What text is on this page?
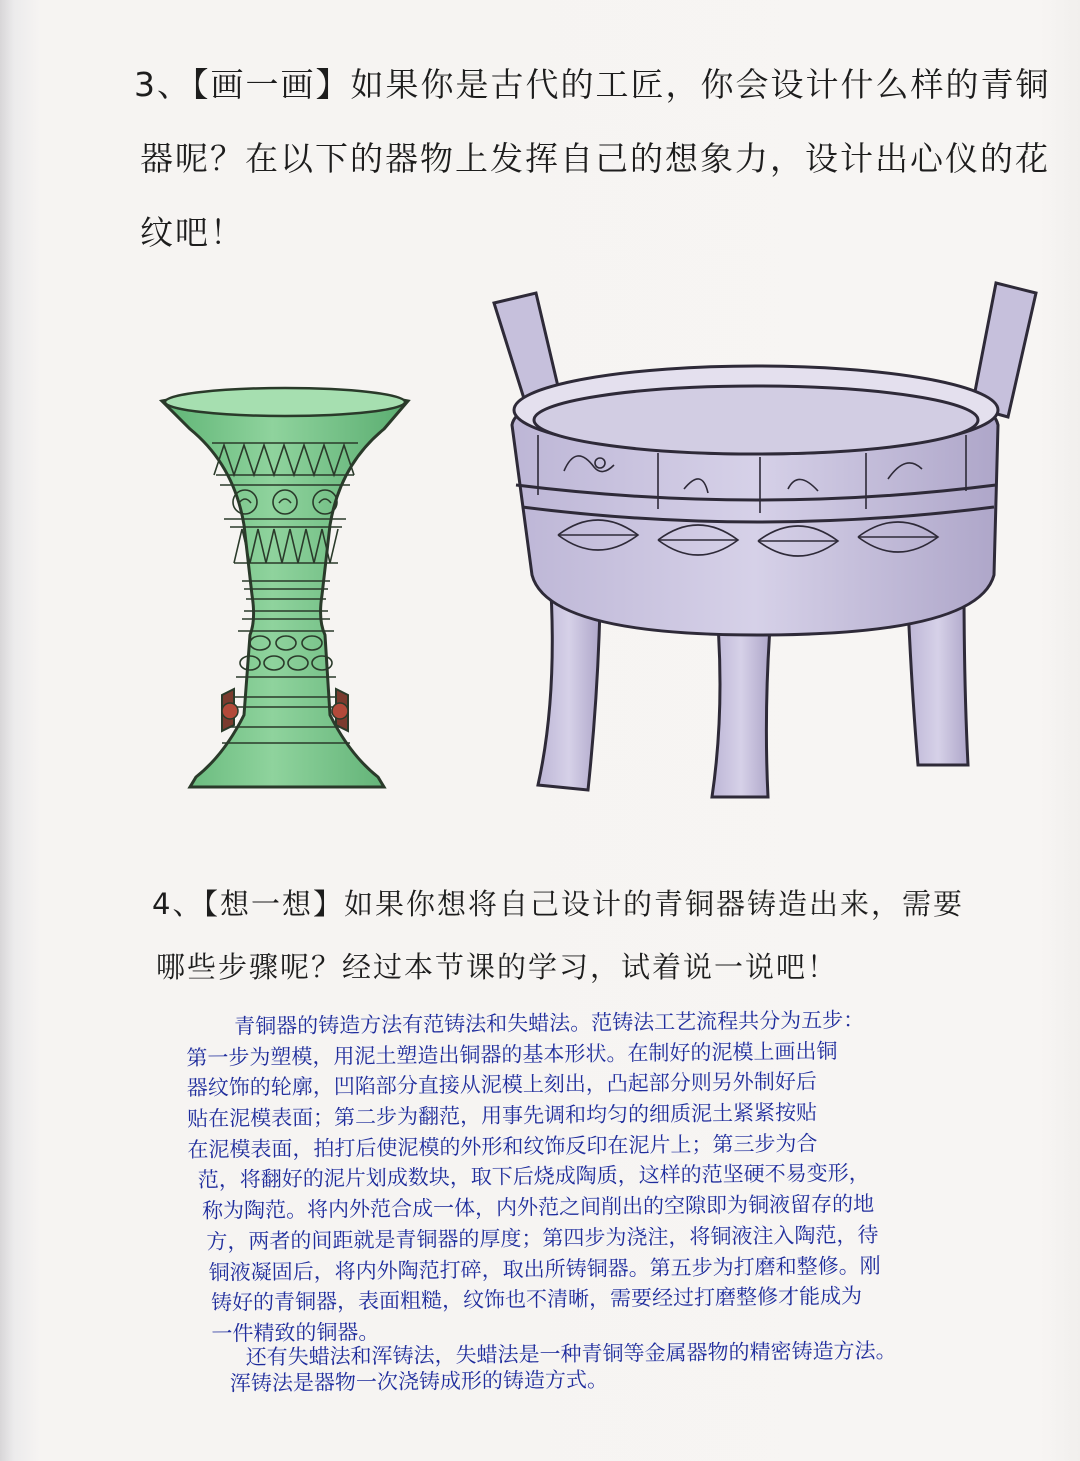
3、【画一画】如果你是古代的工匠，你会设计什么样的青铜
器呢？在以下的器物上发挥自己的想象力，设计出心仪的花
纹吧！
4、【想一想】如果你想将自己设计的青铜器铸造出来，需要
哪些步骤呢？经过本节课的学习，试着说一说吧！
青铜器的铸造方法有范铸法和失蜡法。范铸法工艺流程共分为五步：
第一步为塑模，用泥土塑造出铜器的基本形状。在制好的泥模上画出铜
器纹饰的轮廓，凹陷部分直接从泥模上刻出，凸起部分则另外制好后
贴在泥模表面；第二步为翻范，用事先调和均匀的细质泥土紧紧按贴
在泥模表面，拍打后使泥模的外形和纹饰反印在泥片上；第三步为合
范，将翻好的泥片划成数块，取下后烧成陶质，这样的范坚硬不易变形，
称为陶范。将内外范合成一体，内外范之间削出的空隙即为铜液留存的地
方，两者的间距就是青铜器的厚度；第四步为浇注，将铜液注入陶范，待
铜液凝固后，将内外陶范打碎，取出所铸铜器。第五步为打磨和整修。刚
铸好的青铜器，表面粗糙，纹饰也不清晰，需要经过打磨整修才能成为
一件精致的铜器。
还有失蜡法和浑铸法，失蜡法是一种青铜等金属器物的精密铸造方法。
浑铸法是器物一次浇铸成形的铸造方式。
